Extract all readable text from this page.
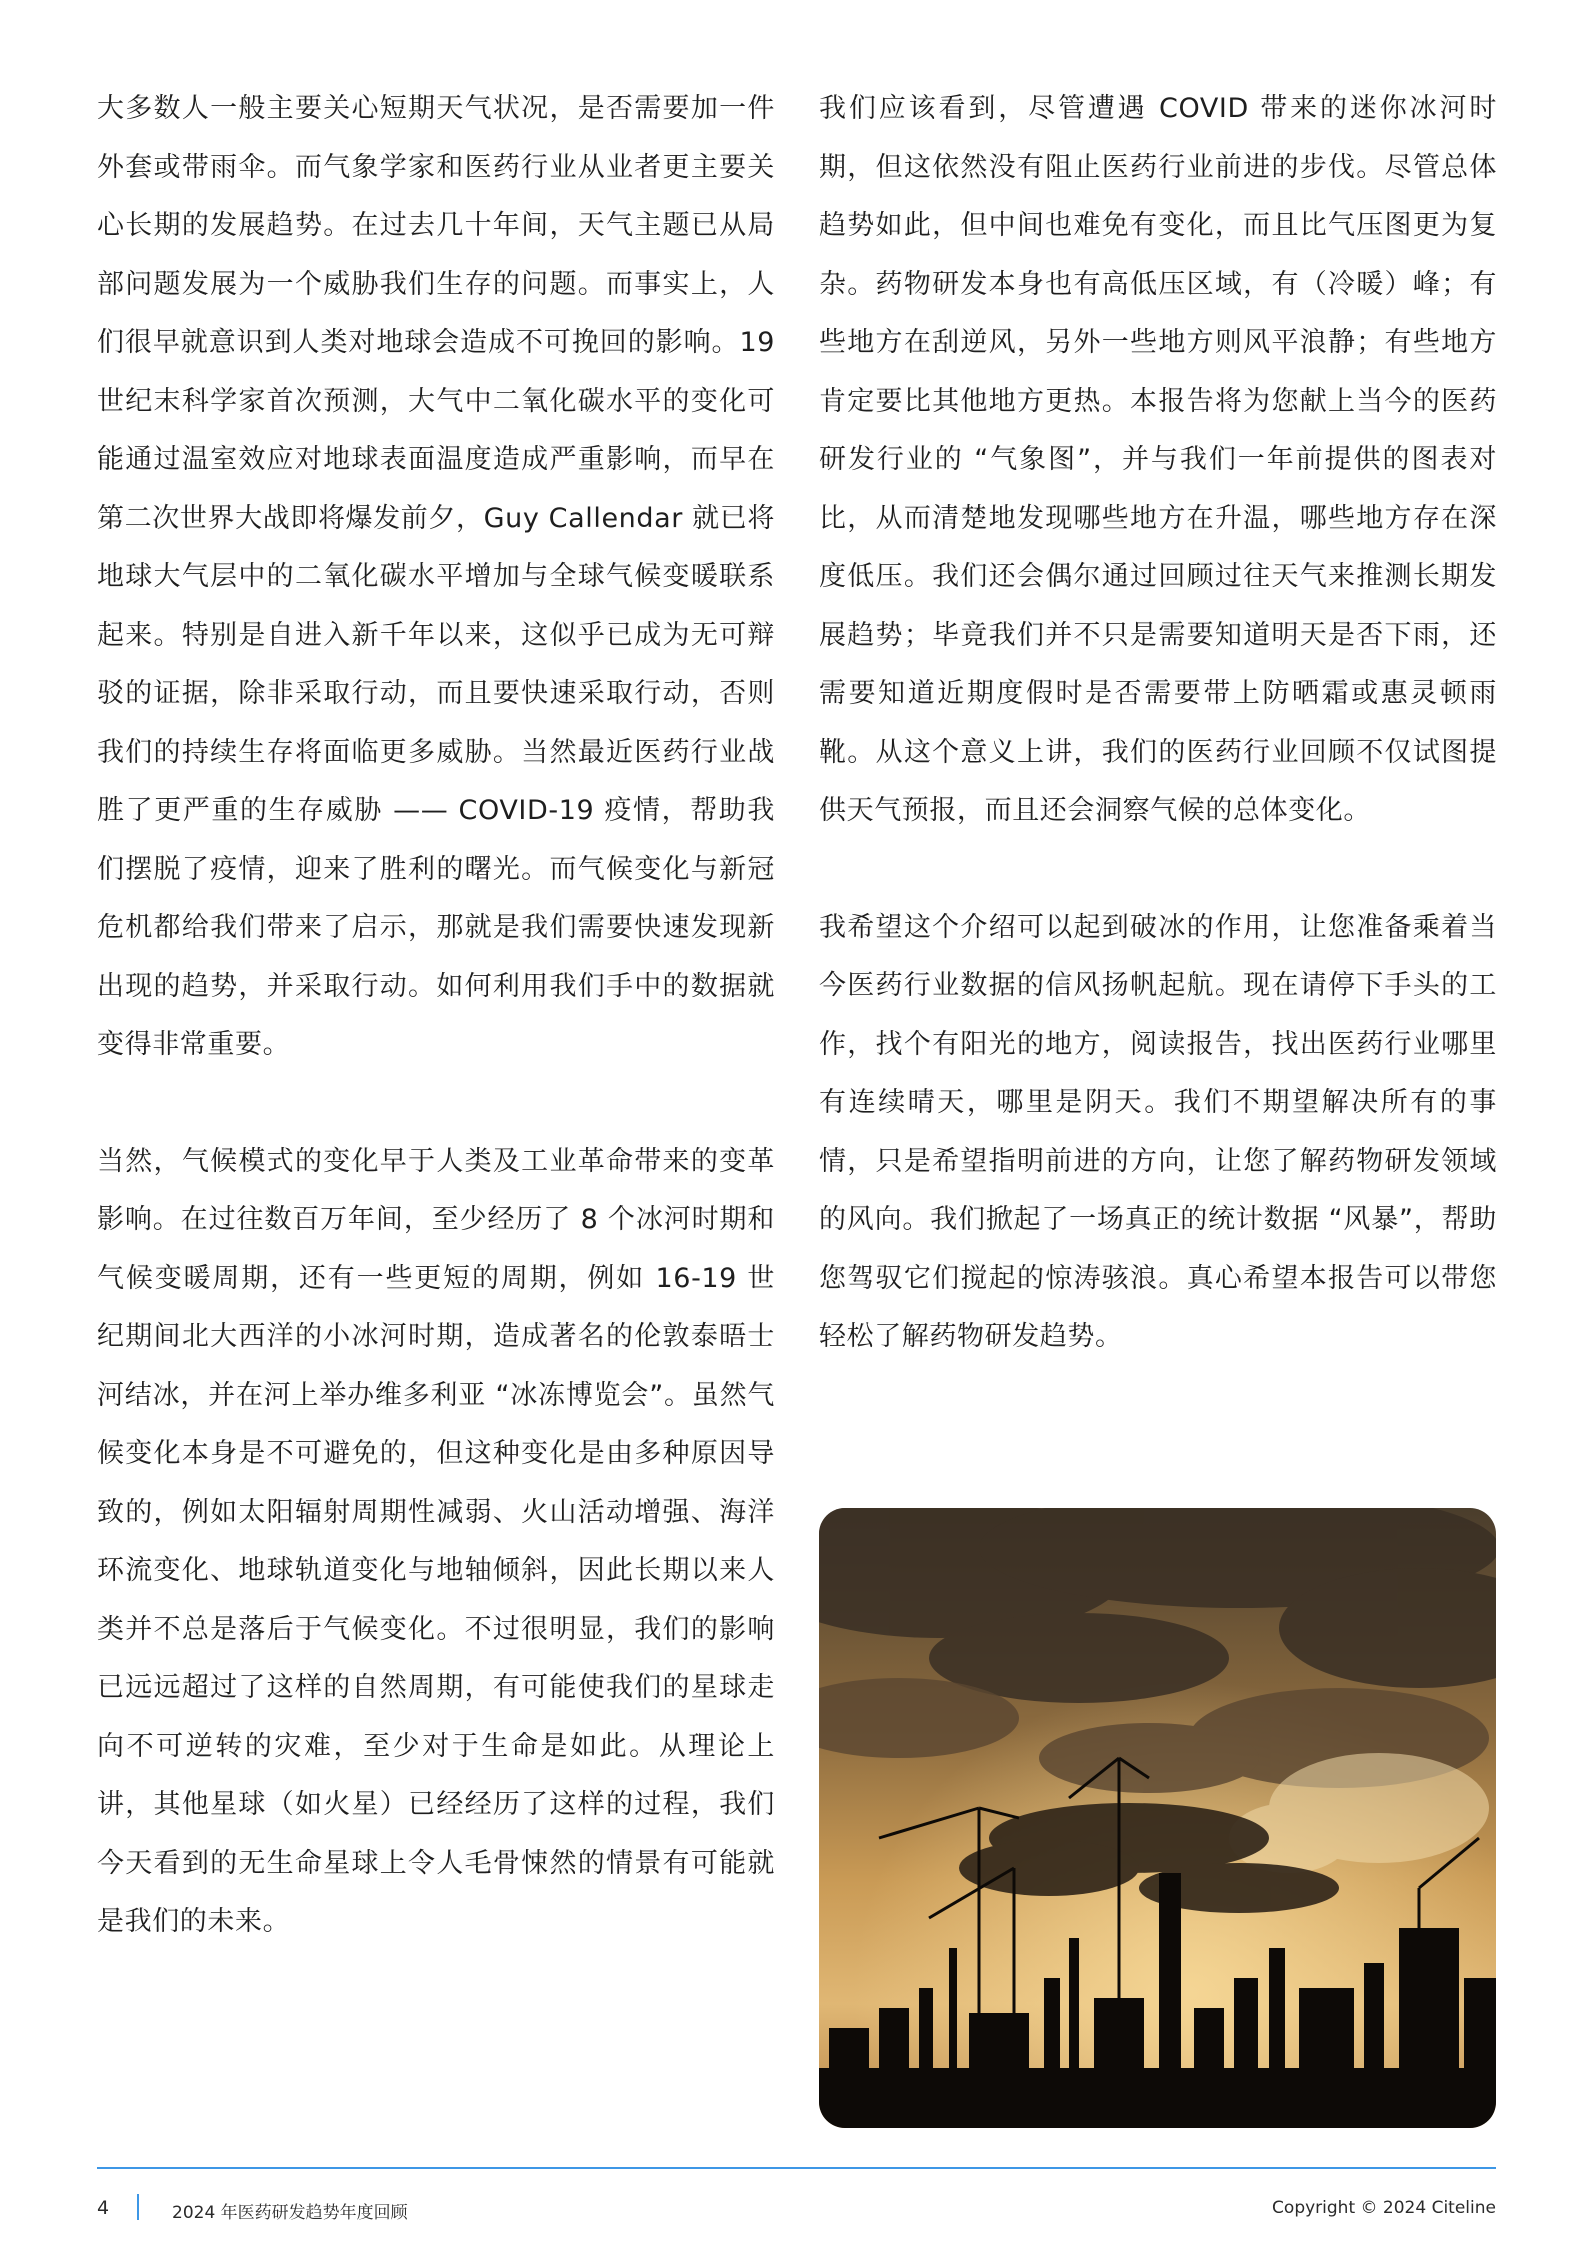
大多数人一般主要关心短期天气状况，是否需要加一件外套或带雨伞。而气象学家和医药行业从业者更主要关心长期的发展趋势。在过去几十年间，天气主题已从局部问题发展为一个威胁我们生存的问题。而事实上，人们很早就意识到人类对地球会造成不可挽回的影响。19 世纪末科学家首次预测，大气中二氧化碳水平的变化可能通过温室效应对地球表面温度造成严重影响，而早在第二次世界大战即将爆发前夕，Guy Callendar 就已将地球大气层中的二氧化碳水平增加与全球气候变暖联系起来。特别是自进入新千年以来，这似乎已成为无可辩驳的证据，除非采取行动，而且要快速采取行动，否则我们的持续生存将面临更多威胁。当然最近医药行业战胜了更严重的生存威胁 —— COVID-19 疫情，帮助我们摆脱了疫情，迎来了胜利的曙光。而气候变化与新冠危机都给我们带来了启示，那就是我们需要快速发现新出现的趋势，并采取行动。如何利用我们手中的数据就变得非常重要。

当然，气候模式的变化早于人类及工业革命带来的变革影响。在过往数百万年间，至少经历了 8 个冰河时期和气候变暖周期，还有一些更短的周期，例如 16-19 世纪期间北大西洋的小冰河时期，造成著名的伦敦泰晤士河结冰，并在河上举办维多利亚 “冰冻博览会”。虽然气候变化本身是不可避免的，但这种变化是由多种原因导致的，例如太阳辐射周期性减弱、火山活动增强、海洋环流变化、地球轨道变化与地轴倾斜，因此长期以来人类并不总是落后于气候变化。不过很明显，我们的影响已远远超过了这样的自然周期，有可能使我们的星球走向不可逆转的灾难，至少对于生命是如此。从理论上讲，其他星球（如火星）已经经历了这样的过程，我们今天看到的无生命星球上令人毛骨悚然的情景有可能就是我们的未来。

我们应该看到，尽管遭遇 COVID 带来的迷你冰河时期，但这依然没有阻止医药行业前进的步伐。尽管总体趋势如此，但中间也难免有变化，而且比气压图更为复杂。药物研发本身也有高低压区域，有（冷暖）峰；有些地方在刮逆风，另外一些地方则风平浪静；有些地方肯定要比其他地方更热。本报告将为您献上当今的医药研发行业的 “气象图”，并与我们一年前提供的图表对比，从而清楚地发现哪些地方在升温，哪些地方存在深度低压。我们还会偶尔通过回顾过往天气来推测长期发展趋势；毕竟我们并不只是需要知道明天是否下雨，还需要知道近期度假时是否需要带上防晒霜或惠灵顿雨靴。从这个意义上讲，我们的医药行业回顾不仅试图提供天气预报，而且还会洞察气候的总体变化。

我希望这个介绍可以起到破冰的作用，让您准备乘着当今医药行业数据的信风扬帆起航。现在请停下手头的工作，找个有阳光的地方，阅读报告，找出医药行业哪里有连续晴天，哪里是阴天。我们不期望解决所有的事情，只是希望指明前进的方向，让您了解药物研发领域的风向。我们掀起了一场真正的统计数据 “风暴”，帮助您驾驭它们搅起的惊涛骇浪。真心希望本报告可以带您轻松了解药物研发趋势。

4	2024 年医药研发趋势年度回顾	Copyright © 2024 Citeline
